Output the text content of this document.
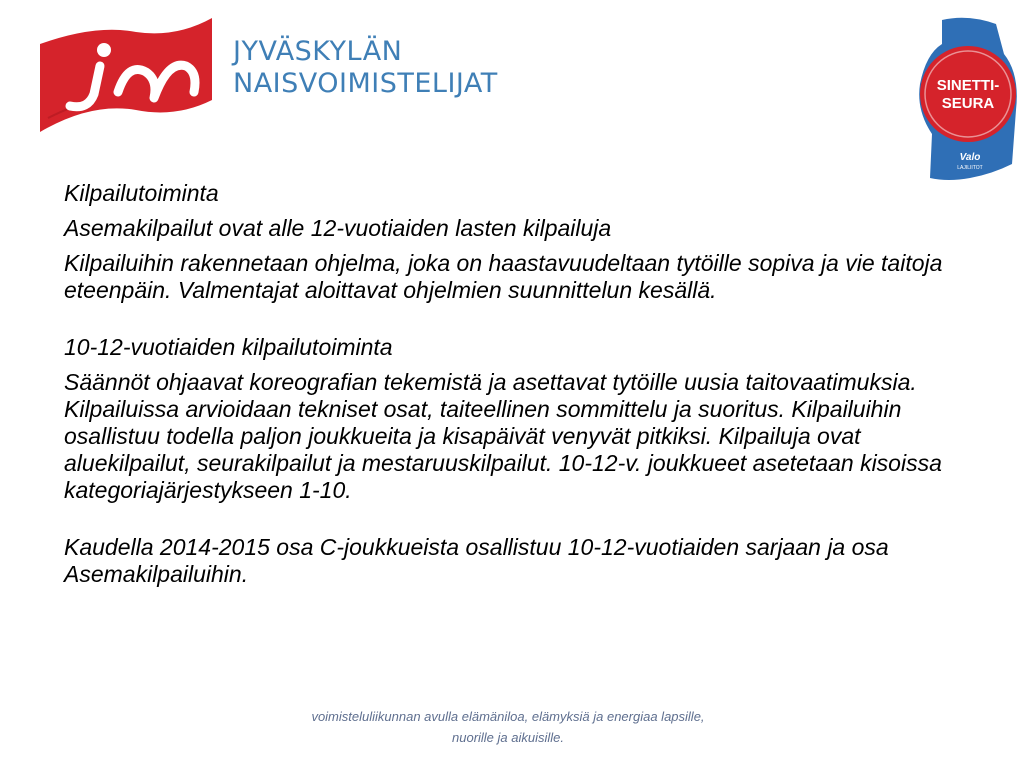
JYVÄSKYLÄN
NAISVOIMISTELIJAT	SINETTI-
SEURA
Valo
LAJILIITOT

Kilpailutoiminta

Asemakilpailut ovat alle 12-vuotiaiden lasten kilpailuja

Kilpailuihin rakennetaan ohjelma, joka on haastavuudeltaan tytöille sopiva ja vie taitoja eteenpäin. Valmentajat aloittavat ohjelmien suunnittelun kesällä.

10-12-vuotiaiden kilpailutoiminta

Säännöt ohjaavat koreografian tekemistä ja asettavat tytöille uusia taitovaatimuksia. Kilpailuissa arvioidaan tekniset osat, taiteellinen sommittelu ja suoritus. Kilpailuihin osallistuu todella paljon joukkueita ja kisapäivät venyvät pitkiksi. Kilpailuja ovat aluekilpailut, seurakilpailut ja mestaruuskilpailut. 10-12-v. joukkueet asetetaan kisoissa kategoriajärjestykseen 1-10.

Kaudella 2014-2015 osa C-joukkueista osallistuu 10-12-vuotiaiden sarjaan ja osa Asemakilpailuihin.

voimisteluliikunnan avulla elämäniloa, elämyksiä ja energiaa lapsille,
nuorille ja aikuisille.
